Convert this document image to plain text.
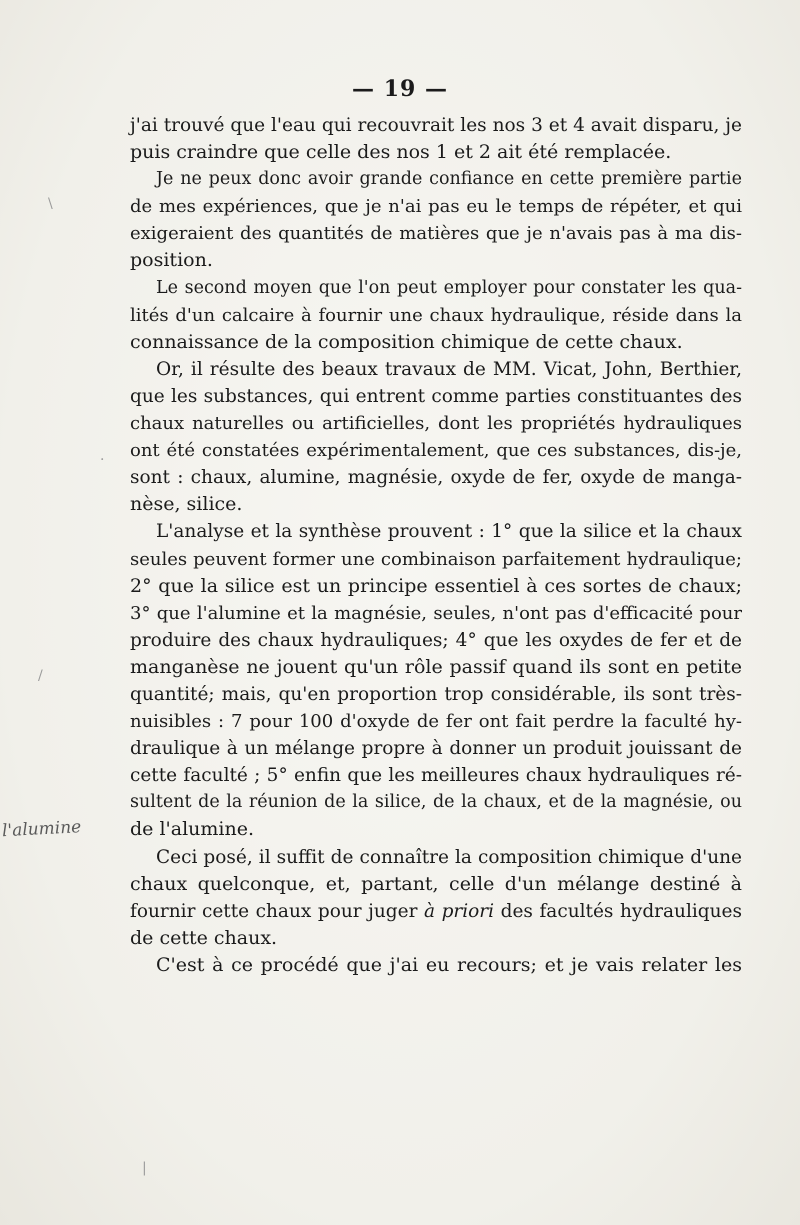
— 19 —
l'alumine
\
·
/
|
j'ai trouvé que l'eau qui recouvrait les nos 3 et 4 avait disparu, je
puis craindre que celle des nos 1 et 2 ait été remplacée.
Je ne peux donc avoir grande confiance en cette première partie
de mes expériences, que je n'ai pas eu le temps de répéter, et qui
exigeraient des quantités de matières que je n'avais pas à ma dis-
position.
Le second moyen que l'on peut employer pour constater les qua-
lités d'un calcaire à fournir une chaux hydraulique, réside dans la
connaissance de la composition chimique de cette chaux.
Or, il résulte des beaux travaux de MM. Vicat, John, Berthier,
que les substances, qui entrent comme parties constituantes des
chaux naturelles ou artificielles, dont les propriétés hydrauliques
ont été constatées expérimentalement, que ces substances, dis-je,
sont : chaux, alumine, magnésie, oxyde de fer, oxyde de manga-
nèse, silice.
L'analyse et la synthèse prouvent : 1° que la silice et la chaux
seules peuvent former une combinaison parfaitement hydraulique;
2° que la silice est un principe essentiel à ces sortes de chaux;
3° que l'alumine et la magnésie, seules, n'ont pas d'efficacité pour
produire des chaux hydrauliques; 4° que les oxydes de fer et de
manganèse ne jouent qu'un rôle passif quand ils sont en petite
quantité; mais, qu'en proportion trop considérable, ils sont très-
nuisibles : 7 pour 100 d'oxyde de fer ont fait perdre la faculté hy-
draulique à un mélange propre à donner un produit jouissant de
cette faculté ; 5° enfin que les meilleures chaux hydrauliques ré-
sultent de la réunion de la silice, de la chaux, et de la magnésie, ou
de l'alumine.
Ceci posé, il suffit de connaître la composition chimique d'une
chaux quelconque, et, partant, celle d'un mélange destiné à
fournir cette chaux pour juger à priori des facultés hydrauliques
de cette chaux.
C'est à ce procédé que j'ai eu recours; et je vais relater les
